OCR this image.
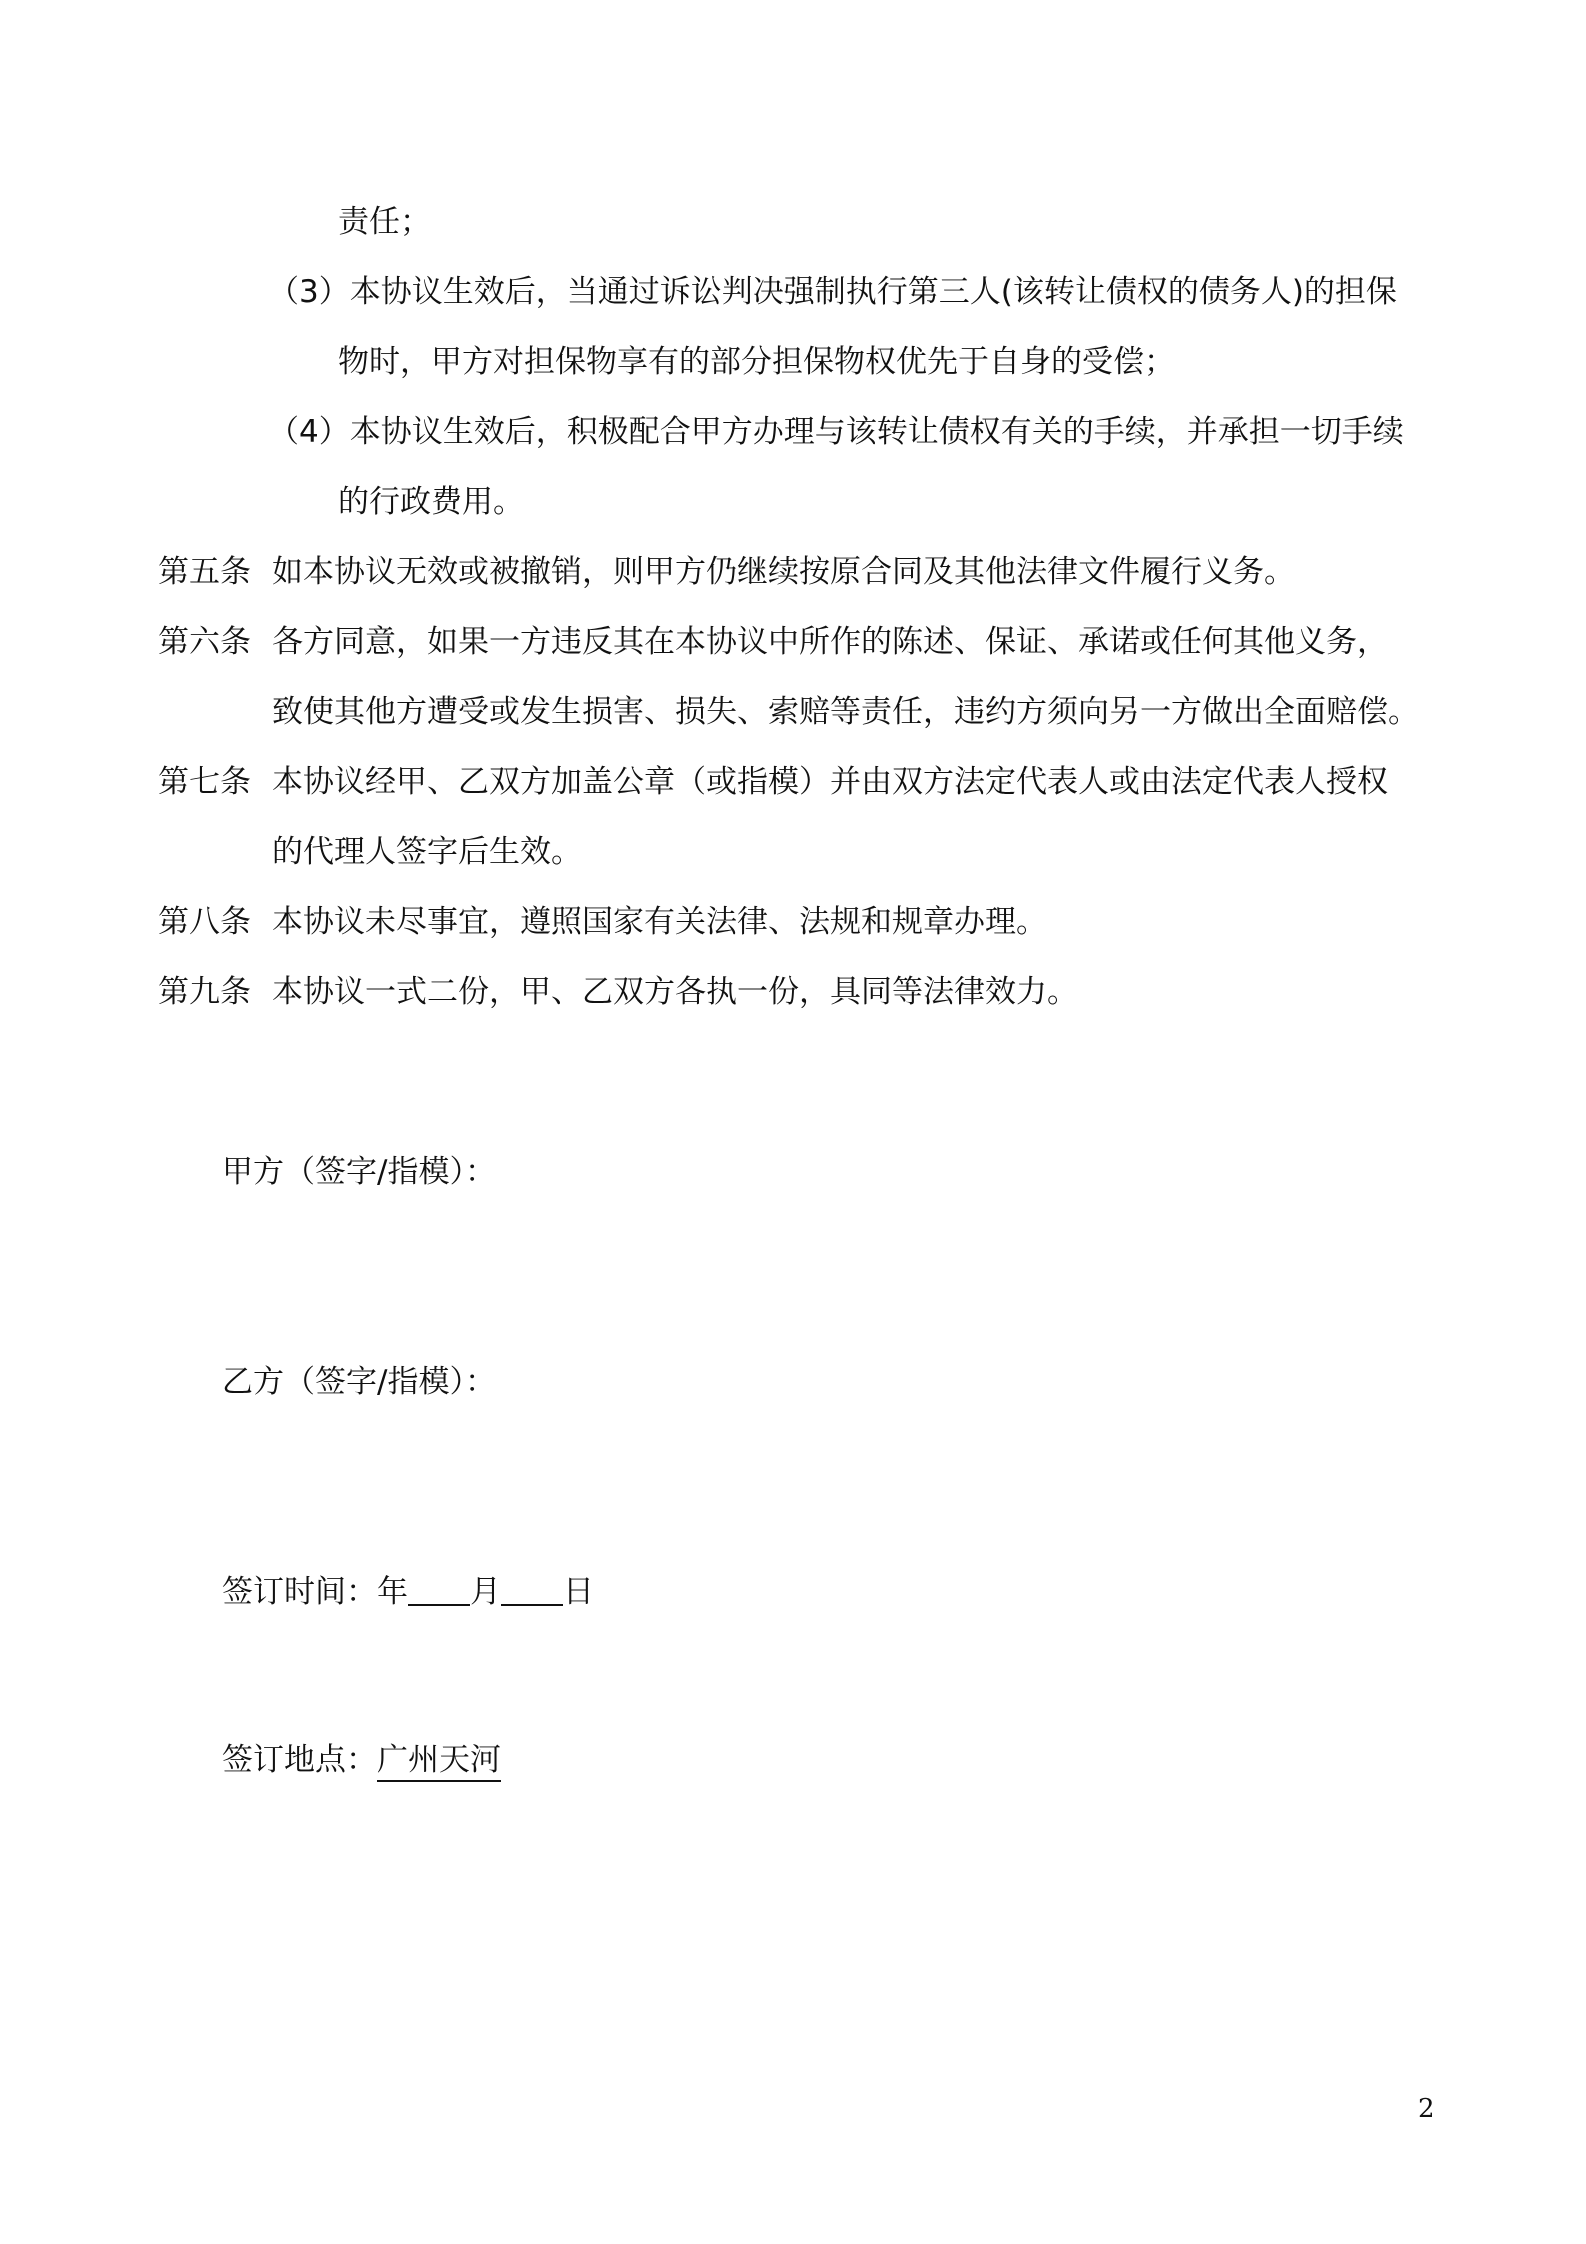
责任；
（3）本协议生效后，当通过诉讼判决强制执行第三人(该转让债权的债务人)的担保
物时，甲方对担保物享有的部分担保物权优先于自身的受偿；
（4）本协议生效后，积极配合甲方办理与该转让债权有关的手续，并承担一切手续
的行政费用。
第五条 如本协议无效或被撤销，则甲方仍继续按原合同及其他法律文件履行义务。
第六条 各方同意，如果一方违反其在本协议中所作的陈述、保证、承诺或任何其他义务，
致使其他方遭受或发生损害、损失、索赔等责任，违约方须向另一方做出全面赔偿。
第七条 本协议经甲、乙双方加盖公章（或指模）并由双方法定代表人或由法定代表人授权
的代理人签字后生效。
第八条 本协议未尽事宜，遵照国家有关法律、法规和规章办理。
第九条 本协议一式二份，甲、乙双方各执一份，具同等法律效力。
甲方（签字/指模）：
乙方（签字/指模）：
签订时间：年 月 日
签订地点：广州天河
2
